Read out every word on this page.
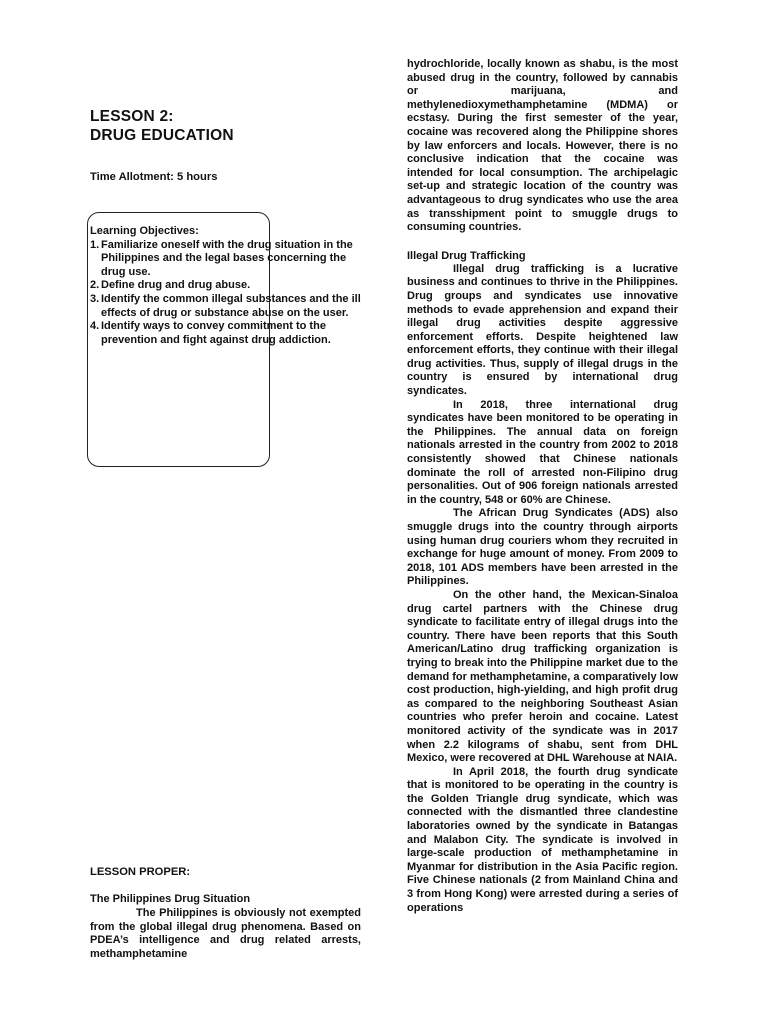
LESSON 2:
DRUG EDUCATION
Time Allotment: 5 hours
Learning Objectives:
1. Familiarize oneself with the drug situation in the Philippines and the legal bases concerning the drug use.
2. Define drug and drug abuse.
3. Identify the common illegal substances and the ill effects of drug or substance abuse on the user.
4. Identify ways to convey commitment to the prevention and fight against drug addiction.
LESSON PROPER:
The Philippines Drug Situation

The Philippines is obviously not exempted from the global illegal drug phenomena. Based on PDEA’s intelligence and drug related arrests, methamphetamine

hydrochloride, locally known as shabu, is the most abused drug in the country, followed by cannabis or marijuana, and methylenedioxymethamphetamine (MDMA) or ecstasy. During the first semester of the year, cocaine was recovered along the Philippine shores by law enforcers and locals. However, there is no conclusive indication that the cocaine was intended for local consumption. The archipelagic set-up and strategic location of the country was advantageous to drug syndicates who use the area as transshipment point to smuggle drugs to consuming countries.

Illegal Drug Trafficking

Illegal drug trafficking is a lucrative business and continues to thrive in the Philippines. Drug groups and syndicates use innovative methods to evade apprehension and expand their illegal drug activities despite aggressive enforcement efforts. Despite heightened law enforcement efforts, they continue with their illegal drug activities. Thus, supply of illegal drugs in the country is ensured by international drug syndicates.

In 2018, three international drug syndicates have been monitored to be operating in the Philippines. The annual data on foreign nationals arrested in the country from 2002 to 2018 consistently showed that Chinese nationals dominate the roll of arrested non-Filipino drug personalities. Out of 906 foreign nationals arrested in the country, 548 or 60% are Chinese.

The African Drug Syndicates (ADS) also smuggle drugs into the country through airports using human drug couriers whom they recruited in exchange for huge amount of money. From 2009 to 2018, 101 ADS members have been arrested in the Philippines.

On the other hand, the Mexican-Sinaloa drug cartel partners with the Chinese drug syndicate to facilitate entry of illegal drugs into the country. There have been reports that this South American/Latino drug trafficking organization is trying to break into the Philippine market due to the demand for methamphetamine, a comparatively low cost production, high-yielding, and high profit drug as compared to the neighboring Southeast Asian countries who prefer heroin and cocaine. Latest monitored activity of the syndicate was in 2017 when 2.2 kilograms of shabu, sent from DHL Mexico, were recovered at DHL Warehouse at NAIA.

In April 2018, the fourth drug syndicate that is monitored to be operating in the country is the Golden Triangle drug syndicate, which was connected with the dismantled three clandestine laboratories owned by the syndicate in Batangas and Malabon City. The syndicate is involved in large-scale production of methamphetamine in Myanmar for distribution in the Asia Pacific region. Five Chinese nationals (2 from Mainland China and 3 from Hong Kong) were arrested during a series of operations
